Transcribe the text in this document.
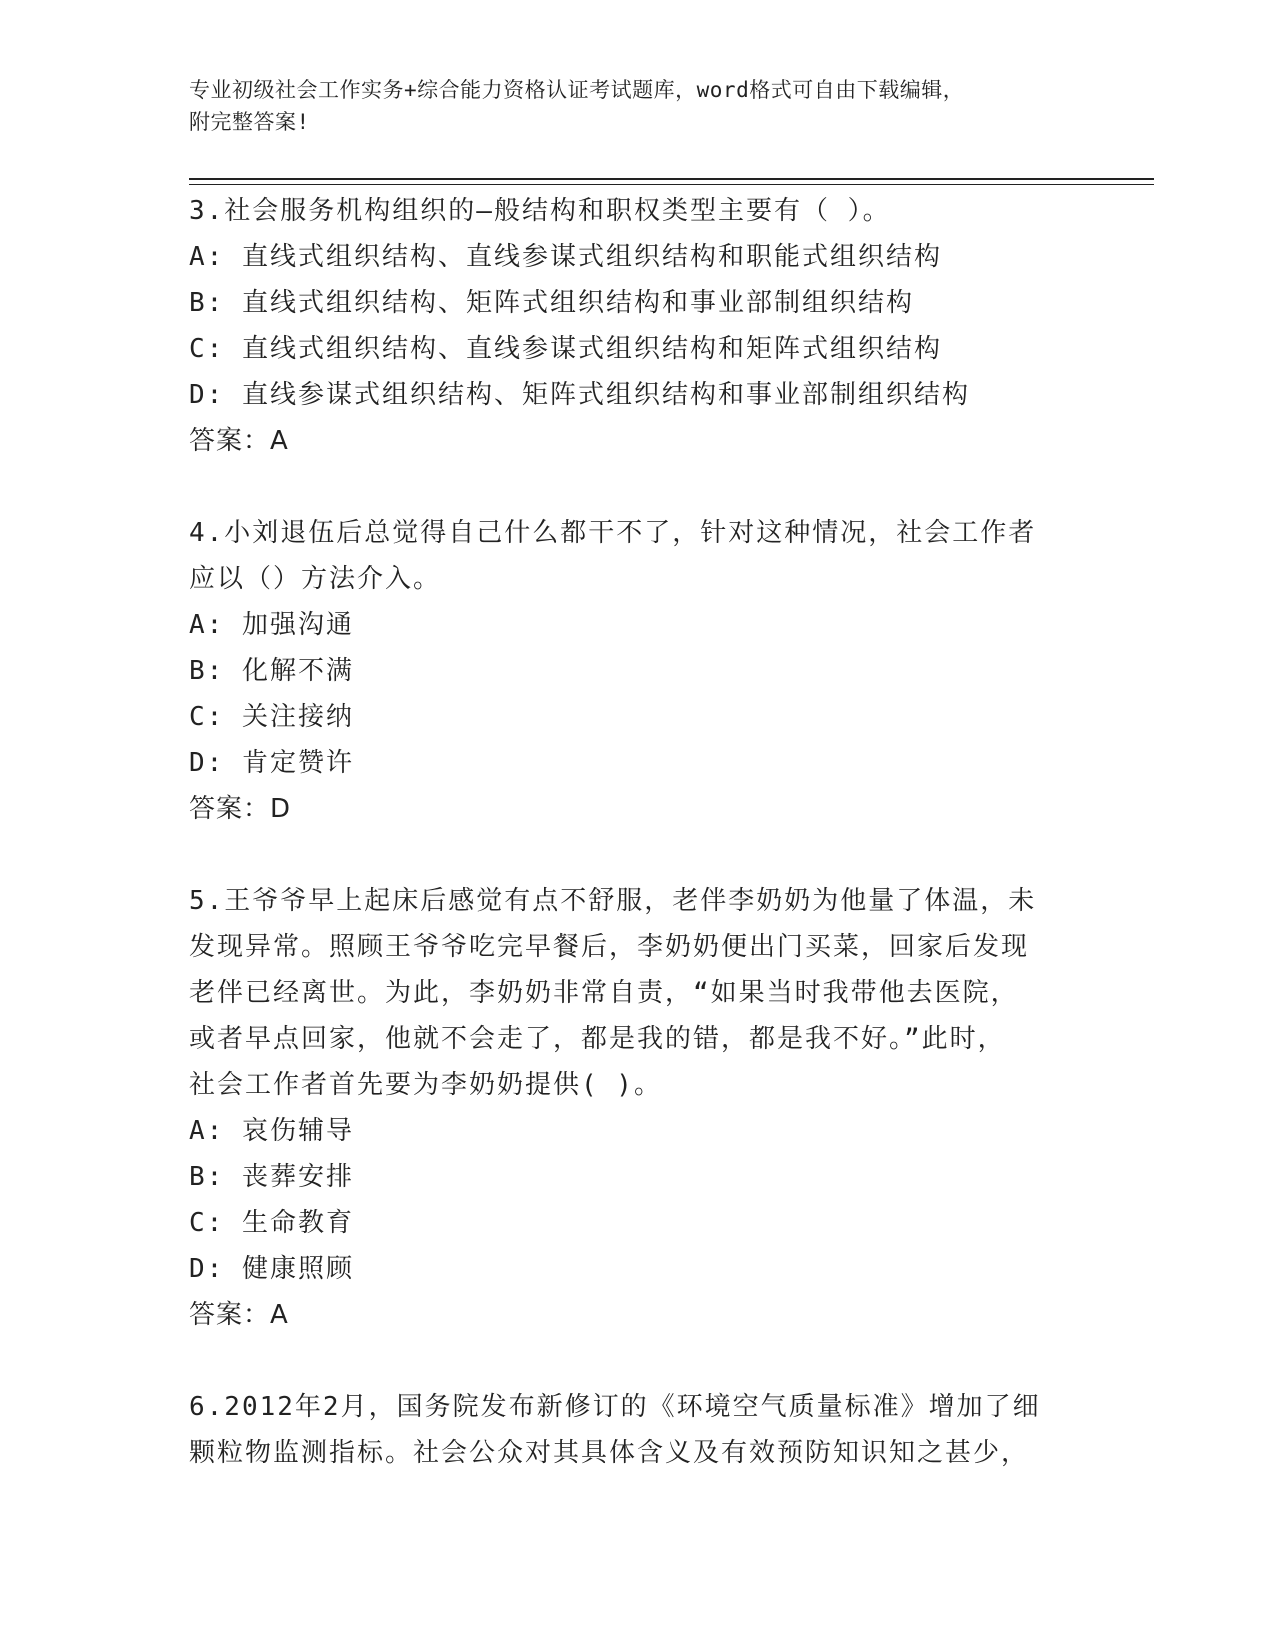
专业初级社会工作实务+综合能力资格认证考试题库，word格式可自由下载编辑，
附完整答案!

3.社会服务机构组织的—般结构和职权类型主要有（ ）。

A: 直线式组织结构、直线参谋式组织结构和职能式组织结构

B: 直线式组织结构、矩阵式组织结构和事业部制组织结构

C: 直线式组织结构、直线参谋式组织结构和矩阵式组织结构

D: 直线参谋式组织结构、矩阵式组织结构和事业部制组织结构

答案：A

4.小刘退伍后总觉得自己什么都干不了，针对这种情况，社会工作者

应以（）方法介入。

A: 加强沟通

B: 化解不满

C: 关注接纳

D: 肯定赞许

答案：D

5.王爷爷早上起床后感觉有点不舒服，老伴李奶奶为他量了体温，未

发现异常。照顾王爷爷吃完早餐后，李奶奶便出门买菜，回家后发现

老伴已经离世。为此，李奶奶非常自责，“如果当时我带他去医院，

或者早点回家，他就不会走了，都是我的错，都是我不好。”此时，

社会工作者首先要为李奶奶提供( )。

A: 哀伤辅导

B: 丧葬安排

C: 生命教育

D: 健康照顾

答案：A

6.2012年2月，国务院发布新修订的《环境空气质量标准》增加了细

颗粒物监测指标。社会公众对其具体含义及有效预防知识知之甚少，
